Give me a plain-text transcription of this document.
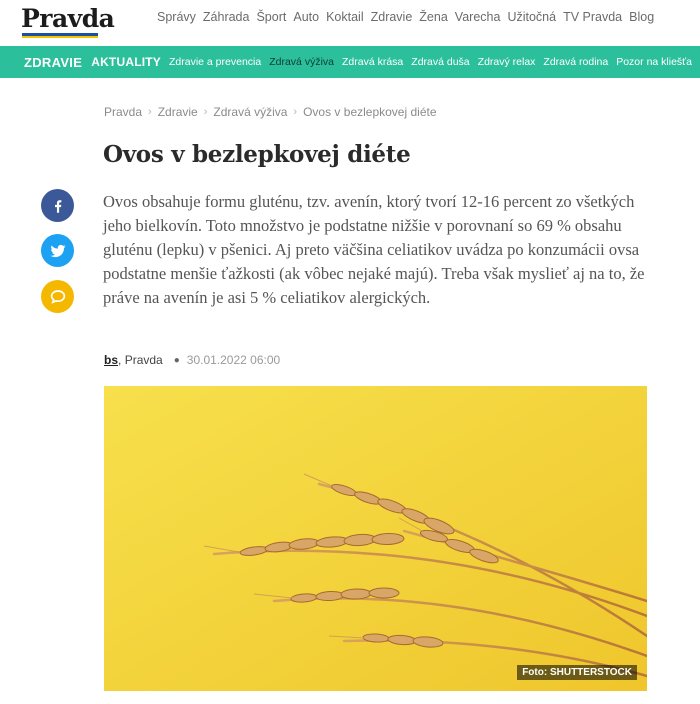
Pravda	Správy Záhrada Šport Auto Koktail Zdravie Žena Varecha Užitočná TV Pravda Blog
ZDRAVIE AKTUALITY Zdravie a prevencia Zdravá výživa Zdravá krása Zdravá duša Zdravý relax Zdravá rodina Pozor na kliešťa
Pravda › Zdravie › Zdravá výživa › Ovos v bezlepkovej diéte
Ovos v bezlepkovej diéte

Ovos obsahuje formu gluténu, tzv. avenín, ktorý tvorí 12-16 percent zo všetkých jeho bielkovín. Toto množstvo je podstatne nižšie v porovnaní so 69 % obsahu gluténu (lepku) v pšenici. Aj preto väčšina celiatikov uvádza po konzumácii ovsa podstatne menšie ťažkosti (ak vôbec nejaké majú). Treba však myslieť aj na to, že práve na avenín je asi 5 % celiatikov alergických.

bs , Pravda ● 30.01.2022 06:00
Foto: SHUTTERSTOCK
